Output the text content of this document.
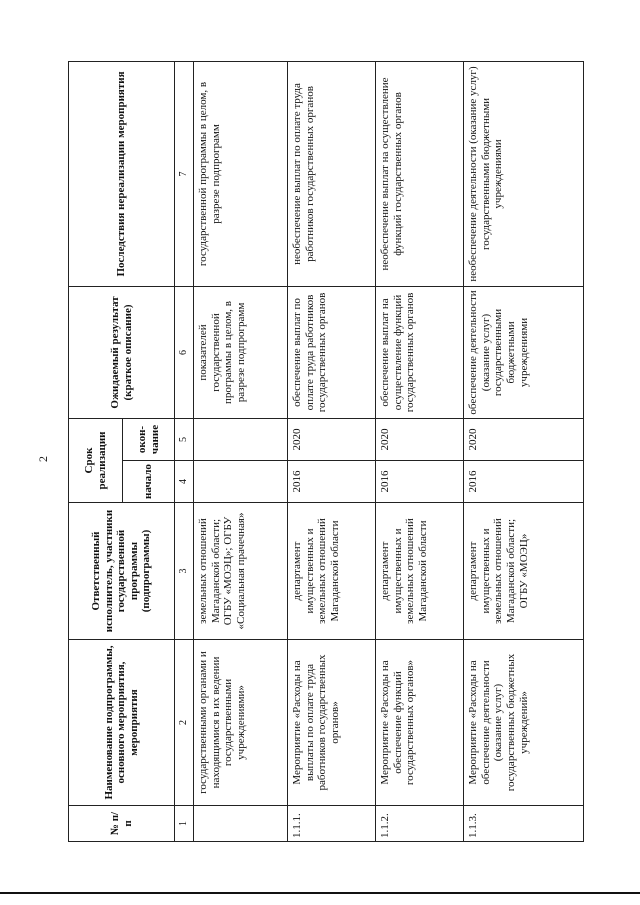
2
№ п/п	Наименование подпрограммы, основного мероприятия, мероприятия	Ответственный исполнитель, участники государственной программы (подпрограммы)	Срок реализации		Ожидаемый результат (краткое описание)	Последствия нереализации мероприятия
			начало	окон-чание		
1	2	3	4	5	6	7
	государственными органами и находящимися в их ведении государственными учреждениями»	земельных отношений Магаданской области; ОГБУ «МОЭЦ»; ОГБУ «Социальная прачечная»			показателей государственной программы в целом, в разрезе подпрограмм	государственной программы в целом, в разрезе подпрограмм
1.1.1.	Мероприятие «Расходы на выплаты по оплате труда работников государственных органов»	департамент имущественных и земельных отношений Магаданской области	2016	2020	обеспечение выплат по оплате труда работников государственных органов	необеспечение выплат по оплате труда работников государственных органов
1.1.2.	Мероприятие «Расходы на обеспечение функций государственных органов»	департамент имущественных и земельных отношений Магаданской области	2016	2020	обеспечение выплат на осуществление функций государственных органов	необеспечение выплат на осуществление функций государственных органов
1.1.3.	Мероприятие «Расходы на обеспечение деятельности (оказание услуг) государственных бюджетных учреждений»	департамент имущественных и земельных отношений Магаданской области; ОГБУ «МОЭЦ»	2016	2020	обеспечение деятельности (оказание услуг) государственными бюджетными учреждениями	необеспечение деятельности (оказание услуг) государственными бюджетными учреждениями
